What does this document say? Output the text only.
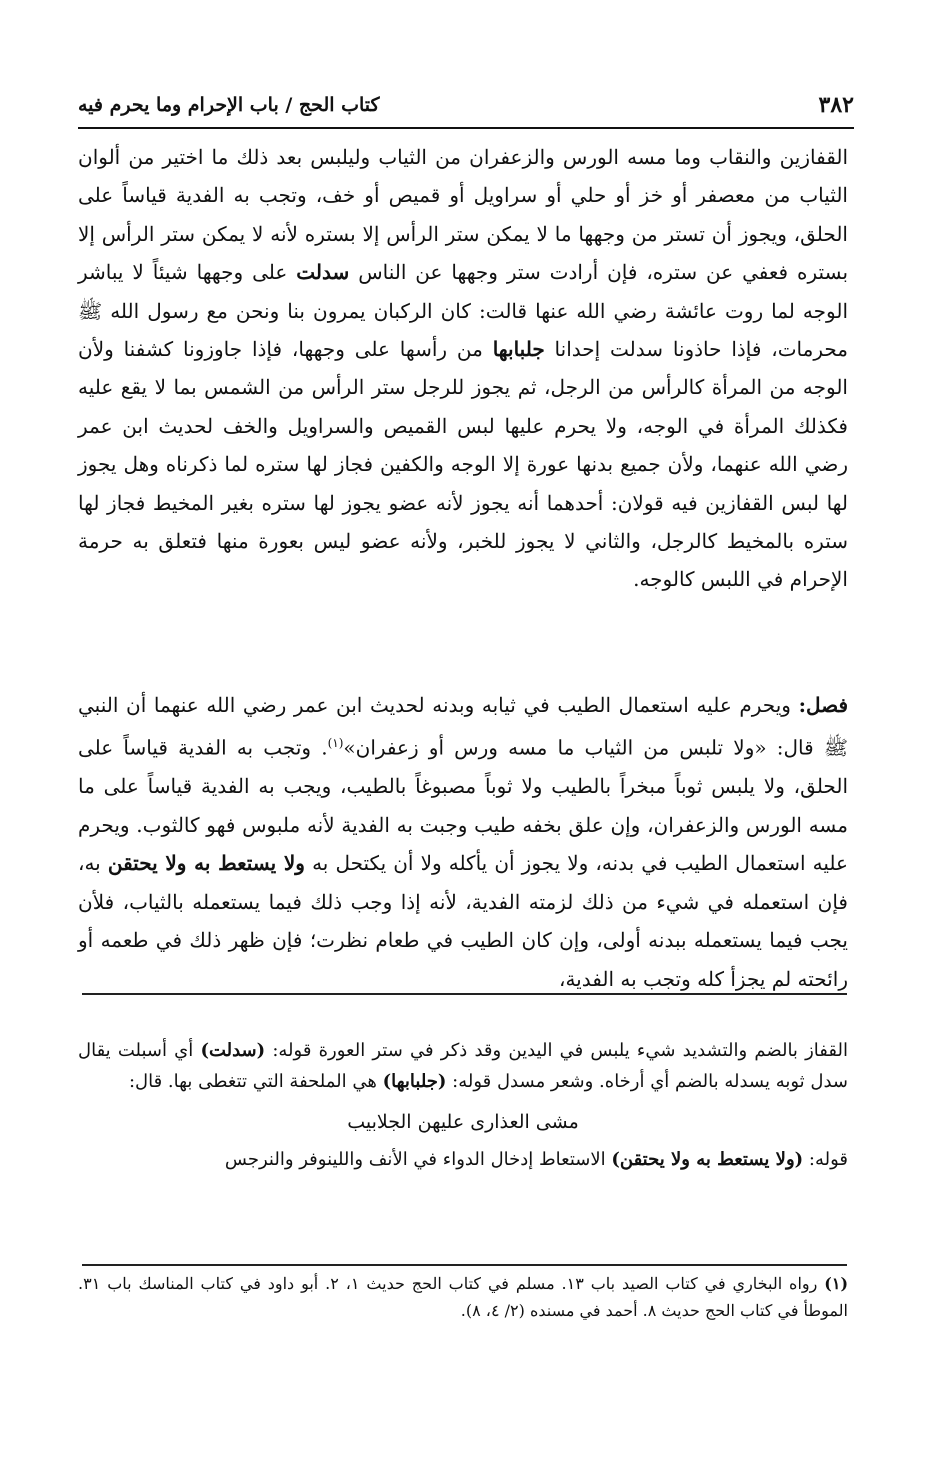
٣٨٢
كتاب الحج / باب الإحرام وما يحرم فيه

القفازين والنقاب وما مسه الورس والزعفران من الثياب وليلبس بعد ذلك ما اختير من ألوان الثياب من معصفر أو خز أو حلي أو سراويل أو قميص أو خف، وتجب به الفدية قياساً على الحلق، ويجوز أن تستر من وجهها ما لا يمكن ستر الرأس إلا بستره لأنه لا يمكن ستر الرأس إلا بستره فعفي عن ستره، فإن أرادت ستر وجهها عن الناس سدلت على وجهها شيئاً لا يباشر الوجه لما روت عائشة رضي الله عنها قالت: كان الركبان يمرون بنا ونحن مع رسول الله ﷺ محرمات، فإذا حاذونا سدلت إحدانا جلبابها من رأسها على وجهها، فإذا جاوزونا كشفنا ولأن الوجه من المرأة كالرأس من الرجل، ثم يجوز للرجل ستر الرأس من الشمس بما لا يقع عليه فكذلك المرأة في الوجه، ولا يحرم عليها لبس القميص والسراويل والخف لحديث ابن عمر رضي الله عنهما، ولأن جميع بدنها عورة إلا الوجه والكفين فجاز لها ستره لما ذكرناه وهل يجوز لها لبس القفازين فيه قولان: أحدهما أنه يجوز لأنه عضو يجوز لها ستره بغير المخيط فجاز لها ستره بالمخيط كالرجل، والثاني لا يجوز للخبر، ولأنه عضو ليس بعورة منها فتعلق به حرمة الإحرام في اللبس كالوجه.

فصل: ويحرم عليه استعمال الطيب في ثيابه وبدنه لحديث ابن عمر رضي الله عنهما أن النبي ﷺ قال: «ولا تلبس من الثياب ما مسه ورس أو زعفران»$^{(١)}$. وتجب به الفدية قياساً على الحلق، ولا يلبس ثوباً مبخراً بالطيب ولا ثوباً مصبوغاً بالطيب، ويجب به الفدية قياساً على ما مسه الورس والزعفران، وإن علق بخفه طيب وجبت به الفدية لأنه ملبوس فهو كالثوب. ويحرم عليه استعمال الطيب في بدنه، ولا يجوز أن يأكله ولا أن يكتحل به ولا يستعط به ولا يحتقن به، فإن استعمله في شيء من ذلك لزمته الفدية، لأنه إذا وجب ذلك فيما يستعمله بالثياب، فلأن يجب فيما يستعمله ببدنه أولى، وإن كان الطيب في طعام نظرت؛ فإن ظهر ذلك في طعمه أو رائحته لم يجزأ كله وتجب به الفدية،

القفاز بالضم والتشديد شيء يلبس في اليدين وقد ذكر في ستر العورة قوله: (سدلت) أي أسبلت يقال سدل ثوبه يسدله بالضم أي أرخاه. وشعر مسدل قوله: (جلبابها) هي الملحفة التي تتغطى بها. قال:

مشى العذارى عليهن الجلابيب

قوله: (ولا يستعط به ولا يحتقن) الاستعاط إدخال الدواء في الأنف واللينوفر والنرجس

(١) رواه البخاري في كتاب الصيد باب ١٣. مسلم في كتاب الحج حديث ١، ٢. أبو داود في كتاب المناسك باب ٣١. الموطأ في كتاب الحج حديث ٨. أحمد في مسنده (٢/ ٤، ٨).
